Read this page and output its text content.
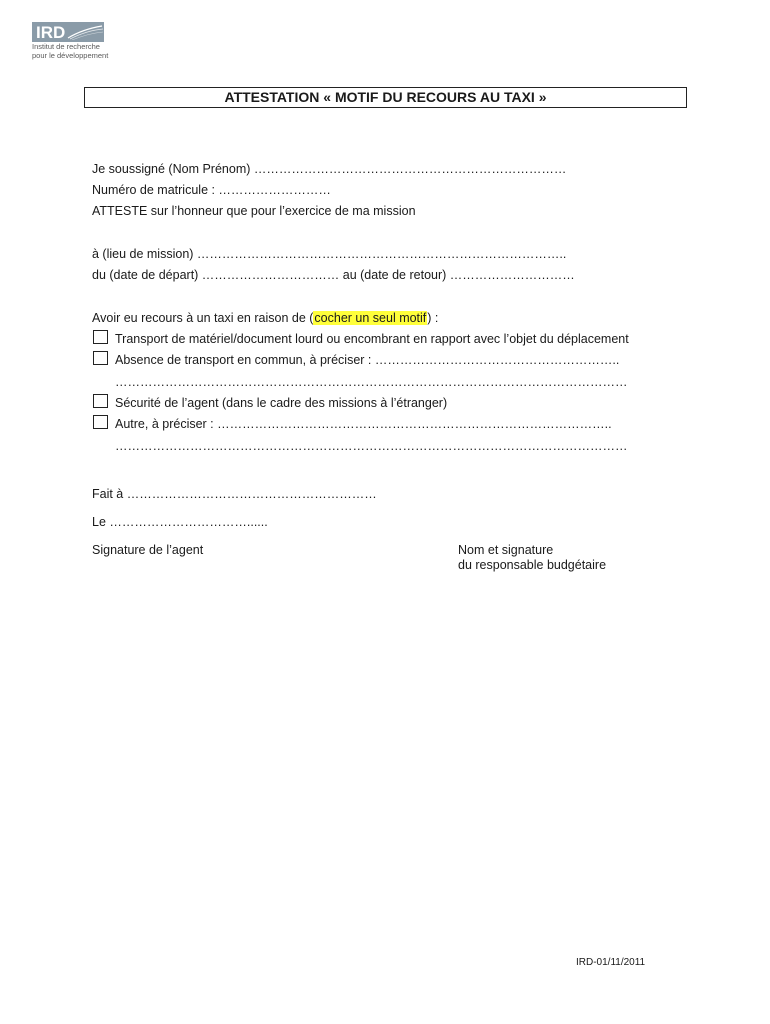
IRD
Institut de recherche
pour le développement
ATTESTATION « MOTIF DU RECOURS AU TAXI »
Je soussigné (Nom Prénom) …………………………………………………………………
Numéro de matricule : ………………………
ATTESTE sur l’honneur que pour l’exercice de ma mission
à (lieu de mission) ……………………………………………………………………………..
du (date de départ) …………………………… au (date de retour) …………………………
Avoir eu recours à un taxi en raison de (cocher un seul motif) :
Transport de matériel/document lourd ou encombrant en rapport avec l’objet du déplacement
Absence de transport en commun, à préciser : …………………………………………………..
……………………………………………………………………………………………………………
Sécurité de l’agent (dans le cadre des missions à l’étranger)
Autre, à préciser : …………………………………………………………………………………..
……………………………………………………………………………………………………………
Fait à ……………………………………………………
Le ……………………………......
Signature de l’agent	Nom et signature
du responsable budgétaire
IRD-01/11/2011
